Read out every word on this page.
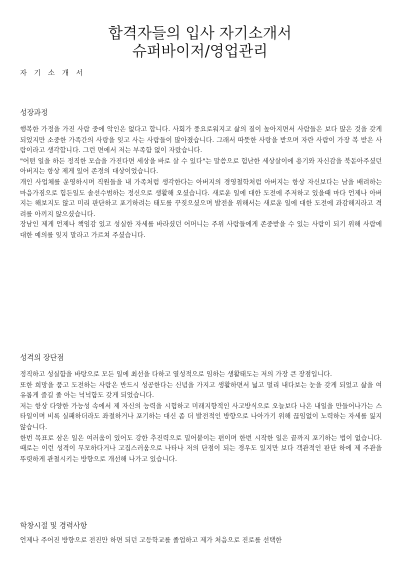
합격자들의 입사 자기소개서
슈퍼바이저/영업관리
자 기 소 개 서
성장과정

행복한 가정을 가진 사람 중에 악인은 없다고 합니다. 사회가 풍요로워지고 삶의 질이 높아지면서 사람들은 보다 많은 것을 갖게 되었지만 소중한 가족간의 사랑을 잊고 사는 사람들이 많아졌습니다. 그래서 따뜻한 사랑을 받으며 자란 사람이 가장 복 받은 사람이라고 생각합니다. 그런 면에서 저는 부족함 없이 자랐습니다.

"어떤 일을 하든 정직한 모습을 가진다면 세상을 바로 살 수 있다"는 말씀으로 험난한 세상살이에 용기와 자신감을 북돋아주셨던 아버지는 항상 제게 있어 존경의 대상이었습니다.

개인 사업체를 운영하시며 직원들을 내 가족처럼 생각한다는 아버지의 경영철학처럼 아버지는 항상 자신보다는 남을 배려하는 마음가짐으로 힘든일도 솔선수범하는 정신으로 생활해 오셨습니다. 새로운 일에 대한 도전에 주저하고 있을때 마다 언제나 아버지는 해보지도 않고 미리 판단하고 포기하려는 태도를 꾸짖으셨으며 발전을 위해서는 새로운 일에 대한 도전에 과감해지라고 격려를 아끼지 않으셨습니다.

장남인 제게 언제나 책임감 있고 성실한 자세를 바라셨던 어머니는 주위 사람들에게 존중받을 수 있는 사람이 되기 위해 사람에 대한 예의를 잊지 말라고 가르쳐 주셨습니다.

성격의 장단점

정직하고 성실함을 바탕으로 모든 일에 최선을 다하고 열성적으로 임하는 생활태도는 저의 가장 큰 장점입니다.

또한 희망을 품고 도전하는 사람은 반드시 성공한다는 신념을 가지고 생활하면서 넓고 멀리 내다보는 눈을 갖게 되었고 삶을 여유롭게 즐길 줄 아는 넉넉함도 갖게 되었습니다.

저는 항상 다양한 가능성 속에서 제 자신의 능력을 시험하고 미래지향적인 사고방식으로 오늘보다 나은 내일을 만들어나가는 스타일이며 비록 실패하더라도 좌절하거나 포기하는 대신 좀 더 발전적인 방향으로 나아가기 위해 끊임없이 노력하는 자세를 잃지 않습니다.

한번 목표로 삼은 일은 여러움이 있어도 강한 추진력으로 밀어붙이는 편이며 한번 시작한 일은 끝까지 포기하는 법이 없습니다. 때로는 이런 성격이 무모하다거나 고집스러움으로 나타나 저의 단점이 되는 경우도 있지만 보다 객관적인 판단 하에 제 주관을 뚜렷하게 관철시키는 방향으로 개선해 나가고 있습니다.

학창시절 및 경력사항

언제나 주어진 방향으로 전진만 하면 되던 고등학교를 졸업하고 제가 처음으로 진로를 선택한
